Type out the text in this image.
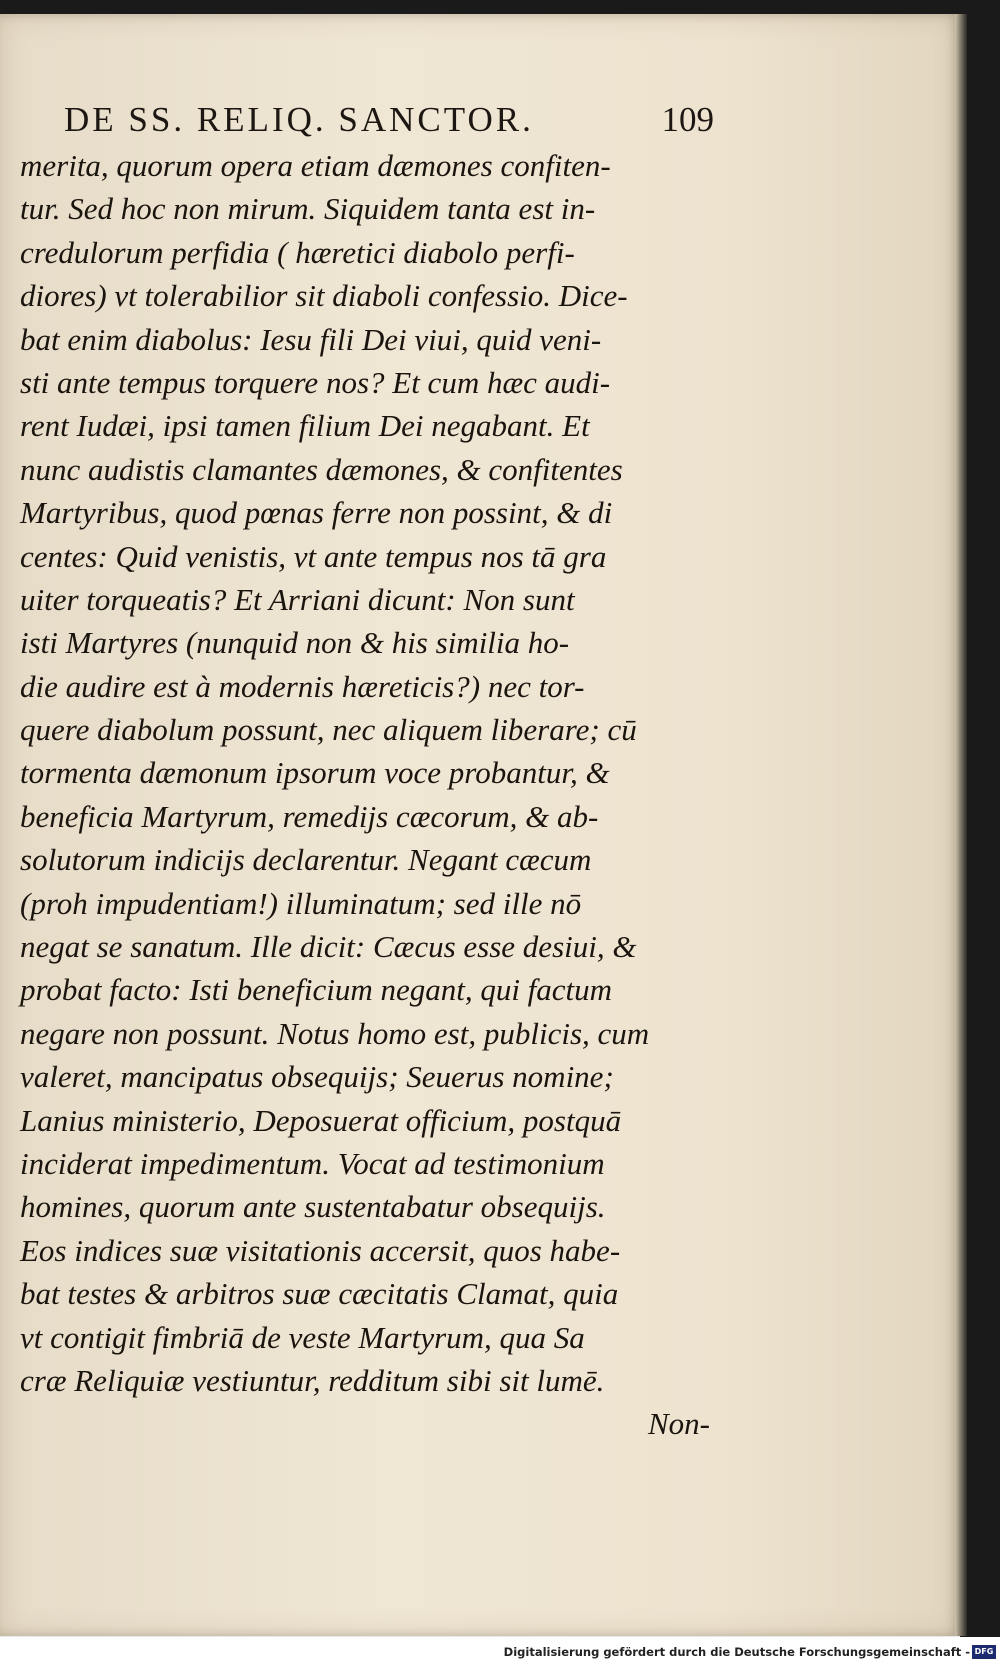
DE SS. RELIQ. SANCTOR.	109
merita, quorum opera etiam dæmones confiten-
tur. Sed hoc non mirum. Siquidem tanta est in-
credulorum perfidia ( hæretici diabolo perfi-
diores) vt tolerabilior sit diaboli confessio. Dice-
bat enim diabolus: Iesu fili Dei viui, quid veni-
sti ante tempus torquere nos? Et cum hæc audi-
rent Iudæi, ipsi tamen filium Dei negabant. Et
nunc audistis clamantes dæmones, & confitentes
Martyribus, quod pœnas ferre non possint, & di
centes: Quid venistis, vt ante tempus nos tā gra
uiter torqueatis? Et Arriani dicunt: Non sunt
isti Martyres (nunquid non & his similia ho-
die audire est à modernis hæreticis?) nec tor-
quere diabolum possunt, nec aliquem liberare; cū
tormenta dæmonum ipsorum voce probantur, &
beneficia Martyrum, remedijs cæcorum, & ab-
solutorum indicijs declarentur. Negant cæcum
(proh impudentiam!) illuminatum; sed ille nō
negat se sanatum. Ille dicit: Cæcus esse desiui, &
probat facto: Isti beneficium negant, qui factum
negare non possunt. Notus homo est, publicis, cum
valeret, mancipatus obsequijs; Seuerus nomine;
Lanius ministerio, Deposuerat officium, postquā
inciderat impedimentum. Vocat ad testimonium
homines, quorum ante sustentabatur obsequijs.
Eos indices suæ visitationis accersit, quos habe-
bat testes & arbitros suæ cæcitatis Clamat, quia
vt contigit fimbriā de veste Martyrum, qua Sa
cræ Reliquiæ vestiuntur, redditum sibi sit lumē.
Non-
Digitalisierung gefördert durch die Deutsche Forschungsgemeinschaft - DFG
